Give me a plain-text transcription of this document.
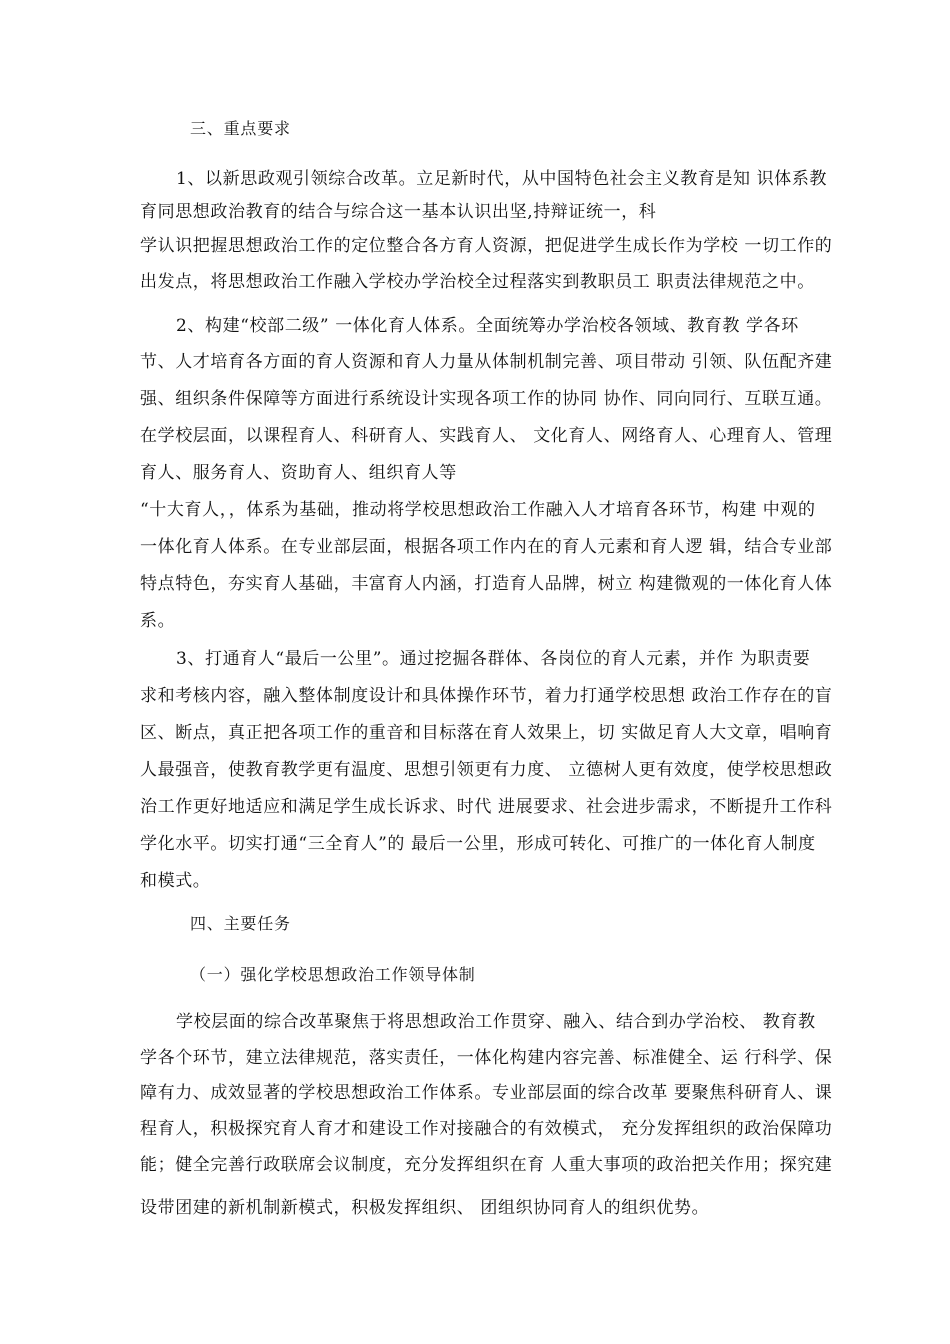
三、重点要求
1、以新思政观引领综合改革。立足新时代，从中国特色社会主义教育是知 识体系教
育同思想政治教育的结合与综合这一基本认识出坚,持辩证统一，科
学认识把握思想政治工作的定位整合各方育人资源，把促进学生成长作为学校 一切工作的
出发点，将思想政治工作融入学校办学治校全过程落实到教职员工 职责法律规范之中。
2、构建“校部二级” 一体化育人体系。全面统筹办学治校各领域、教育教 学各环
节、人才培育各方面的育人资源和育人力量从体制机制完善、项目带动 引领、队伍配齐建
强、组织条件保障等方面进行系统设计实现各项工作的协同 协作、同向同行、互联互通。
在学校层面，以课程育人、科研育人、实践育人、 文化育人、网络育人、心理育人、管理
育人、服务育人、资助育人、组织育人等
“十大育人，，体系为基础，推动将学校思想政治工作融入人才培育各环节，构建 中观的
一体化育人体系。在专业部层面，根据各项工作内在的育人元素和育人逻 辑，结合专业部
特点特色，夯实育人基础，丰富育人内涵，打造育人品牌，树立 构建微观的一体化育人体
系。
3、打通育人“最后一公里”。通过挖掘各群体、各岗位的育人元素，并作 为职责要
求和考核内容，融入整体制度设计和具体操作环节，着力打通学校思想 政治工作存在的盲
区、断点，真正把各项工作的重音和目标落在育人效果上，切 实做足育人大文章，唱响育
人最强音，使教育教学更有温度、思想引领更有力度、 立德树人更有效度，使学校思想政
治工作更好地适应和满足学生成长诉求、时代 进展要求、社会进步需求，不断提升工作科
学化水平。切实打通“三全育人”的 最后一公里，形成可转化、可推广的一体化育人制度
和模式。
四、主要任务
（一）强化学校思想政治工作领导体制
学校层面的综合改革聚焦于将思想政治工作贯穿、融入、结合到办学治校、 教育教
学各个环节，建立法律规范，落实责任，一体化构建内容完善、标准健全、运 行科学、保
障有力、成效显著的学校思想政治工作体系。专业部层面的综合改革 要聚焦科研育人、课
程育人，积极探究育人育才和建设工作对接融合的有效模式， 充分发挥组织的政治保障功
能；健全完善行政联席会议制度，充分发挥组织在育 人重大事项的政治把关作用；探究建
设带团建的新机制新模式，积极发挥组织、 团组织协同育人的组织优势。
